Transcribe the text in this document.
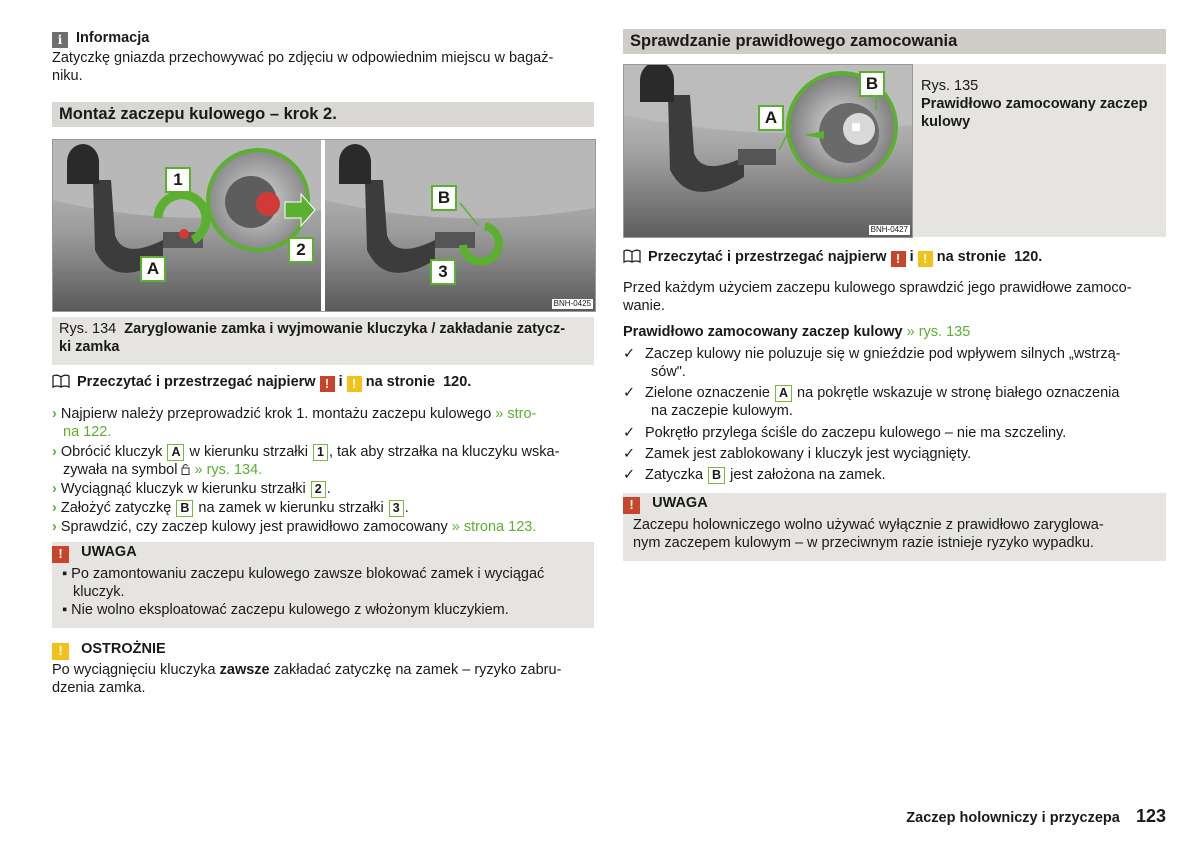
i Informacja
Zatyczkę gniazda przechowywać po zdjęciu w odpowiednim miejscu w bagaż-
niku.
Montaż zaczepu kulowego – krok 2.
1
A
2
B
3
BNH-0425
Rys. 134 Zaryglowanie zamka i wyjmowanie kluczyka / zakładanie zatycz-
ki zamka
Przeczytać i przestrzegać najpierw ! i ! na stronie 120.
› Najpierw należy przeprowadzić krok 1. montażu zaczepu kulowego » stro-
na 122.
› Obrócić kluczyk A w kierunku strzałki 1 , tak aby strzałka na kluczyku wska-
zywała na symbol » rys. 134.
› Wyciągnąć kluczyk w kierunku strzałki 2 .
› Założyć zatyczkę B na zamek w kierunku strzałki 3 .
› Sprawdzić, czy zaczep kulowy jest prawidłowo zamocowany » strona 123.
! UWAGA
▪ Po zamontowaniu zaczepu kulowego zawsze blokować zamek i wyciągać
kluczyk.
▪ Nie wolno eksploatować zaczepu kulowego z włożonym kluczykiem.
! OSTROŻNIE
Po wyciągnięciu kluczyka zawsze zakładać zatyczkę na zamek – ryzyko zabru-
dzenia zamka.
Sprawdzanie prawidłowego zamocowania
B
A
BNH-0427
Rys. 135
Prawidłowo zamocowany zaczep
kulowy
Przeczytać i przestrzegać najpierw ! i ! na stronie 120.
Przed każdym użyciem zaczepu kulowego sprawdzić jego prawidłowe zamoco-
wanie.
Prawidłowo zamocowany zaczep kulowy » rys. 135
✓ Zaczep kulowy nie poluzuje się w gnieździe pod wpływem silnych „wstrzą-
sów".
✓ Zielone oznaczenie A na pokrętle wskazuje w stronę białego oznaczenia
na zaczepie kulowym.
✓ Pokrętło przylega ściśle do zaczepu kulowego – nie ma szczeliny.
✓ Zamek jest zablokowany i kluczyk jest wyciągnięty.
✓ Zatyczka B jest założona na zamek.
! UWAGA
Zaczepu holowniczego wolno używać wyłącznie z prawidłowo zaryglowa-
nym zaczepem kulowym – w przeciwnym razie istnieje ryzyko wypadku.
Zaczep holowniczy i przyczepa 123
